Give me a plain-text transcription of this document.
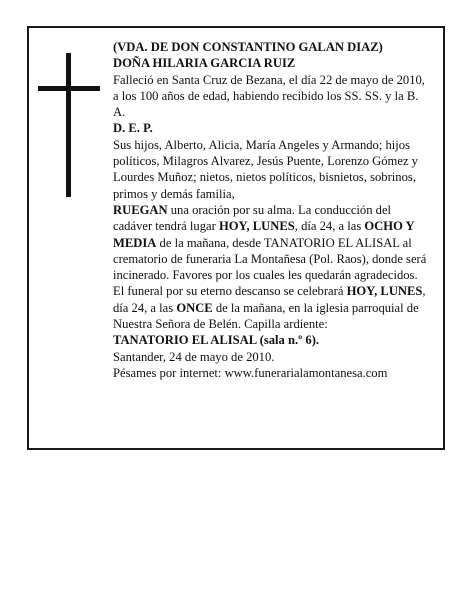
(VDA. DE DON CONSTANTINO GALAN DIAZ)

DOÑA HILARIA GARCIA RUIZ

Falleció en Santa Cruz de Bezana, el día 22 de mayo de 2010,

a los 100 años de edad, habiendo recibido los SS. SS. y la B. A.

D. E. P.

Sus hijos, Alberto, Alicia, María Angeles y Armando; hijos políticos, Milagros Alvarez, Jesús Puente, Lorenzo Gómez y Lourdes Muñoz; nietos, nietos políticos, bisnietos, sobrinos, primos y demás familia,
RUEGAN una oración por su alma. La conducción del cadáver tendrá lugar HOY, LUNES, día 24, a las OCHO Y MEDIA de la mañana, desde TANATORIO EL ALISAL al crematorio de funeraria La Montañesa (Pol. Raos), donde será incinerado. Favores por los cuales les quedarán agradecidos. El funeral por su eterno descanso se celebrará HOY, LUNES, día 24, a las ONCE de la mañana, en la iglesia parroquial de Nuestra Señora de Belén. Capilla ardiente:

TANATORIO EL ALISAL (sala n.º 6).

Santander, 24 de mayo de 2010.

Pésames por internet: www.funerarialamontanesa.com
